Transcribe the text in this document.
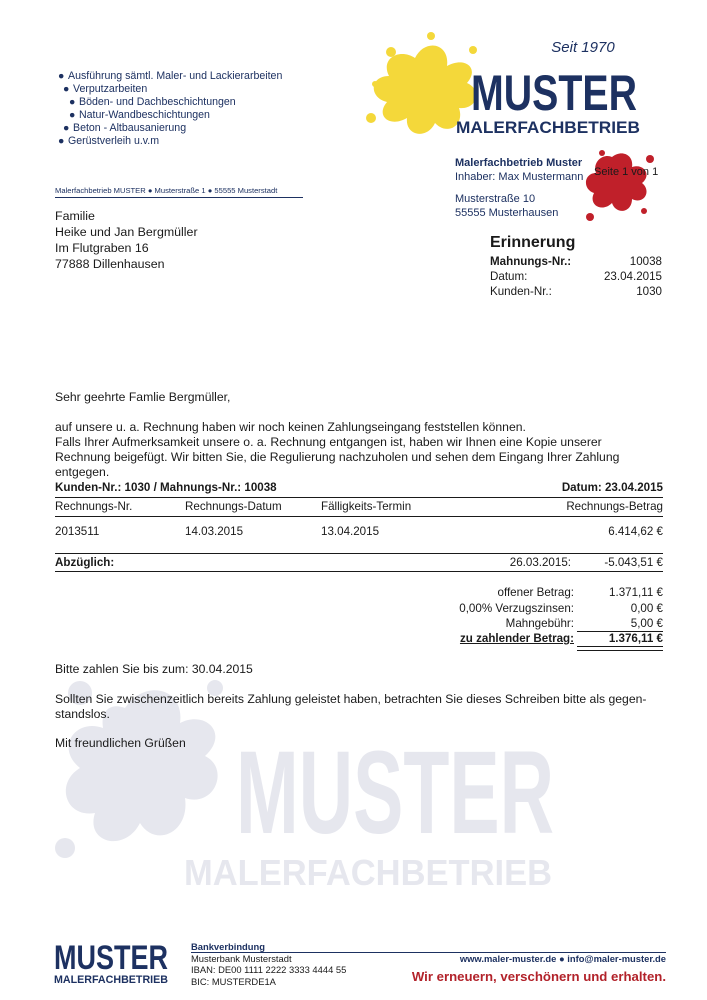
● Ausführung sämtl. Maler- und Lackierarbeiten
● Verputzarbeiten
● Böden- und Dachbeschichtungen
● Natur-Wandbeschichtungen
● Beton - Altbausanierung
● Gerüstverleih u.v.m
Seit 1970
MUSTER
MALERFACHBETRIEB
Malerfachbetrieb MUSTER ● Musterstraße 1 ● 55555 Musterstadt
Familie
Heike und Jan Bergmüller
Im Flutgraben 16
77888 Dillenhausen
Malerfachbetrieb Muster
Inhaber: Max Mustermann
Musterstraße 10
55555 Musterhausen
Seite 1 von 1
Erinnerung
Mahnungs-Nr.:	10038
Datum:	23.04.2015
Kunden-Nr.:	1030
Sehr geehrte Famlie Bergmüller,
auf unsere u. a. Rechnung haben wir noch keinen Zahlungseingang feststellen können.
Falls Ihrer Aufmerksamkeit unsere o. a. Rechnung entgangen ist, haben wir Ihnen eine Kopie unserer Rechnung beigefügt. Wir bitten Sie, die Regulierung nachzuholen und sehen dem Eingang Ihrer Zahlung entgegen.
Kunden-Nr.: 1030 / Mahnungs-Nr.: 10038	Datum: 23.04.2015
Rechnungs-Nr.	Rechnungs-Datum	Fälligkeits-Termin	Rechnungs-Betrag
2013511	14.03.2015	13.04.2015	6.414,62 €
Abzüglich:	26.03.2015:	-5.043,51 €
offener Betrag:	1.371,11 €
0,00% Verzugszinsen:	0,00 €
Mahngebühr:	5,00 €
zu zahlender Betrag:	1.376,11 €
MUSTER
MALERFACHBETRIEB
Bitte zahlen Sie bis zum: 30.04.2015
Sollten Sie zwischenzeitlich bereits Zahlung geleistet haben, betrachten Sie dieses Schreiben bitte als gegen-standslos.
Mit freundlichen Grüßen
MUSTER
MALERFACHBETRIEB
Bankverbindung
Musterbank Musterstadt
IBAN: DE00 1111 2222 3333 4444 55
BIC: MUSTERDE1A
www.maler-muster.de ● info@maler-muster.de
Wir erneuern, verschönern und erhalten.
